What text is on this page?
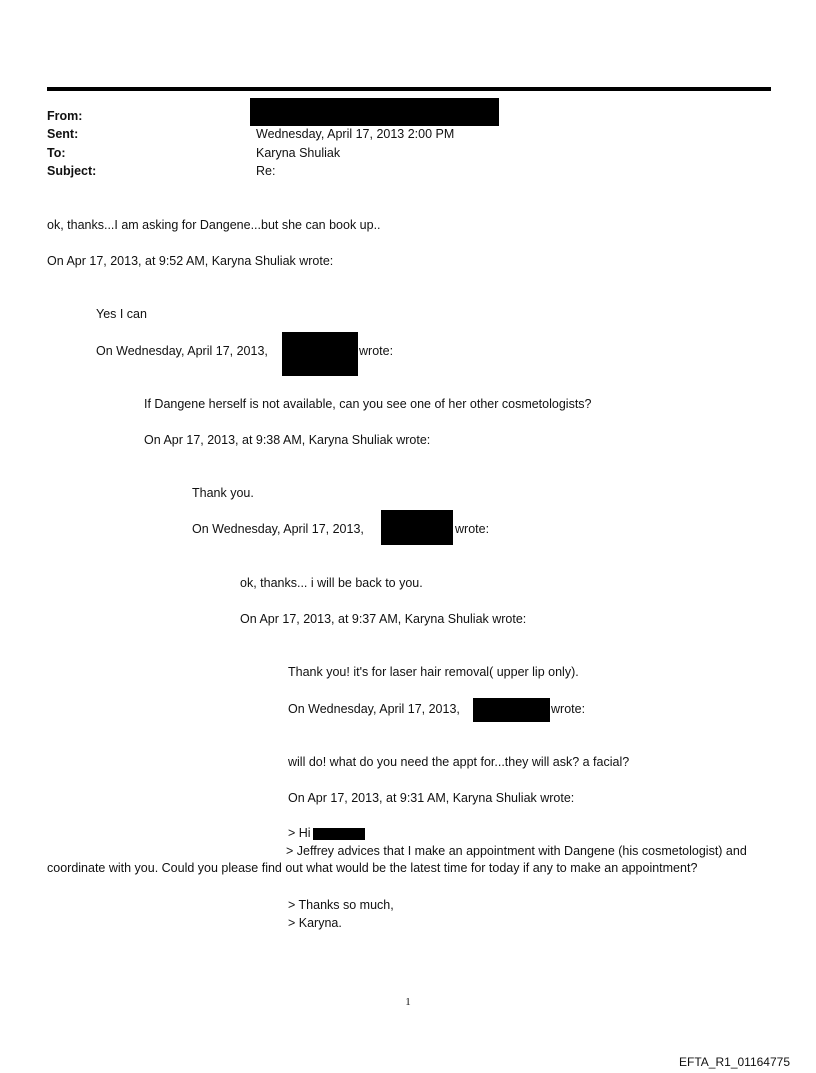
From:
Sent:	Wednesday, April 17, 2013 2:00 PM
To:	Karyna Shuliak
Subject:	Re:
ok, thanks...I am asking for Dangene...but she can book up..
On Apr 17, 2013, at 9:52 AM, Karyna Shuliak wrote:
Yes I can
On Wednesday, April 17, 2013,	wrote:
If Dangene herself is not available, can you see one of her other cosmetologists?
On Apr 17, 2013, at 9:38 AM, Karyna Shuliak wrote:
Thank you.
On Wednesday, April 17, 2013,	wrote:
ok, thanks... i will be back to you.
On Apr 17, 2013, at 9:37 AM, Karyna Shuliak wrote:
Thank you! it's for laser hair removal( upper lip only).
On Wednesday, April 17, 2013,	wrote:
will do! what do you need the appt for...they will ask? a facial?
On Apr 17, 2013, at 9:31 AM, Karyna Shuliak wrote:
> Hi
> Jeffrey advices that I make an appointment with Dangene (his cosmetologist) and coordinate with you. Could you please find out what would be the latest time for today if any to make an appointment?
> Thanks so much,
> Karyna.
1
EFTA_R1_01164775
